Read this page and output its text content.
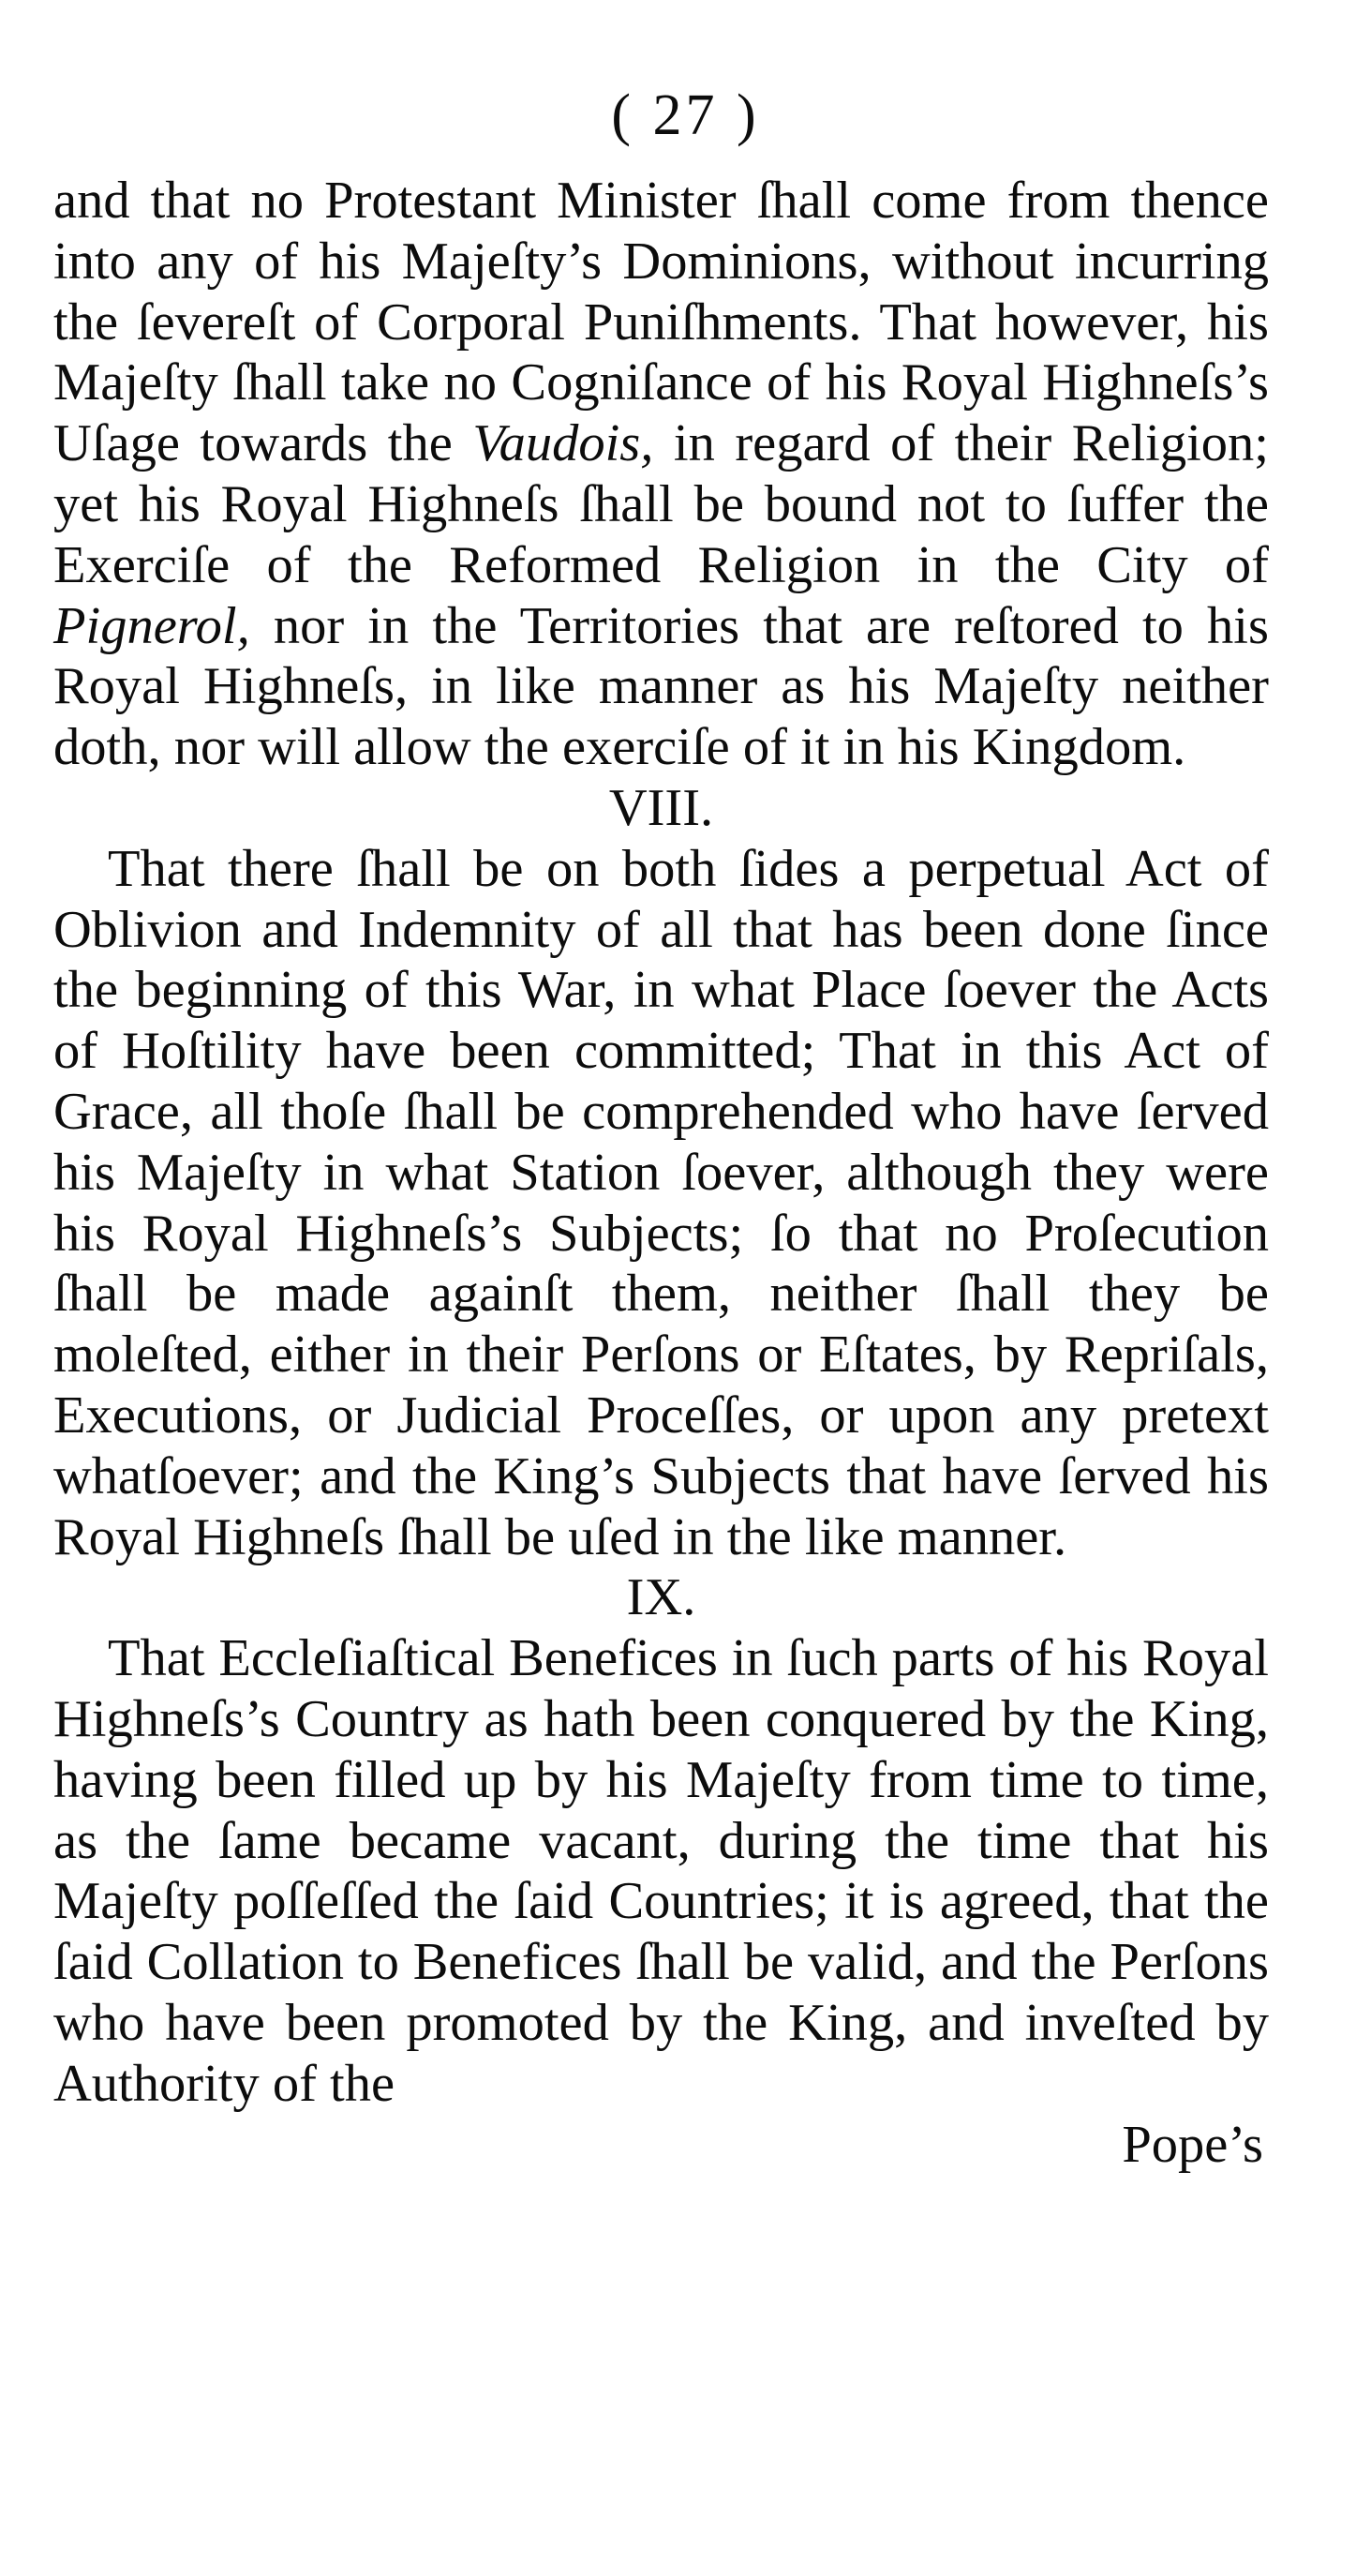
( 27 )

and that no Protestant Minister ſhall come from thence into any of his Majeſty’s Dominions, without incurring the ſevereſt of Corporal Puniſhments. That however, his Majeſty ſhall take no Cogniſance of his Royal Highneſs’s Uſage towards the Vaudois, in regard of their Religion; yet his Royal Highneſs ſhall be bound not to ſuffer the Exerciſe of the Reformed Religion in the City of Pignerol, nor in the Territories that are reſtored to his Royal Highneſs, in like manner as his Majeſty neither doth, nor will allow the exerciſe of it in his Kingdom.

VIII.

That there ſhall be on both ſides a perpetual Act of Oblivion and Indemnity of all that has been done ſince the beginning of this War, in what Place ſoever the Acts of Hoſtility have been committed; That in this Act of Grace, all thoſe ſhall be comprehended who have ſerved his Majeſty in what Station ſoever, although they were his Royal Highneſs’s Subjects; ſo that no Proſecution ſhall be made againſt them, neither ſhall they be moleſted, either in their Perſons or Eſtates, by Repriſals, Executions, or Judicial Proceſſes, or upon any pretext whatſoever; and the King’s Subjects that have ſerved his Royal Highneſs ſhall be uſed in the like manner.

IX.

That Eccleſiaſtical Benefices in ſuch parts of his Royal Highneſs’s Country as hath been conquered by the King, having been filled up by his Majeſty from time to time, as the ſame became vacant, during the time that his Majeſty poſſeſſed the ſaid Countries; it is agreed, that the ſaid Collation to Benefices ſhall be valid, and the Perſons who have been promoted by the King, and inveſted by Authority of the

Pope’s
